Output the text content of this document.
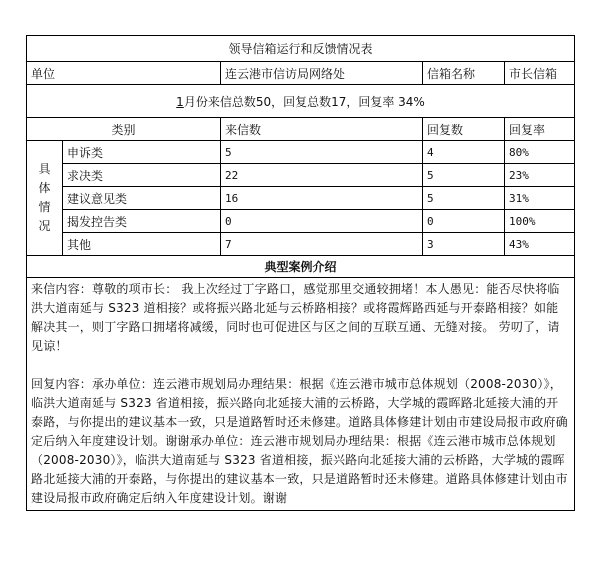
领导信箱运行和反馈情况表				
单位		连云港市信访局网络处	信箱名称	市长信箱
1月份来信总数50，回复总数17，回复率 34%				
类别		来信数	回复数	回复率

具
体
情
况	申诉类	5	4	80%
	求决类	22	5	23%
	建议意见类	16	5	31%
	揭发控告类	0	0	100%
	其他	7	3	43%
典型案例介绍				

来信内容：尊敬的项市长： 我上次经过丁字路口，感觉那里交通较拥堵！本人愚见：能否尽快将临洪大道南延与 S323 道相接？或将振兴路北延与云桥路相接？或将霞辉路西延与开泰路相接？如能解决其一，则丁字路口拥堵将减缓，同时也可促进区与区之间的互联互通、无缝对接。 劳叨了，请见谅！
回复内容：承办单位：连云港市规划局办理结果：根据《连云港市城市总体规划（2008-2030）》，临洪大道南延与 S323 省道相接，振兴路向北延接大浦的云桥路，大学城的霞晖路北延接大浦的开泰路，与你提出的建议基本一致，只是道路暂时还未修建。道路具体修建计划由市建设局报市政府确定后纳入年度建设计划。谢谢承办单位：连云港市规划局办理结果：根据《连云港市城市总体规划（2008-2030）》，临洪大道南延与 S323 省道相接，振兴路向北延接大浦的云桥路，大学城的霞晖路北延接大浦的开泰路，与你提出的建议基本一致，只是道路暂时还未修建。道路具体修建计划由市建设局报市政府确定后纳入年度建设计划。谢谢				
